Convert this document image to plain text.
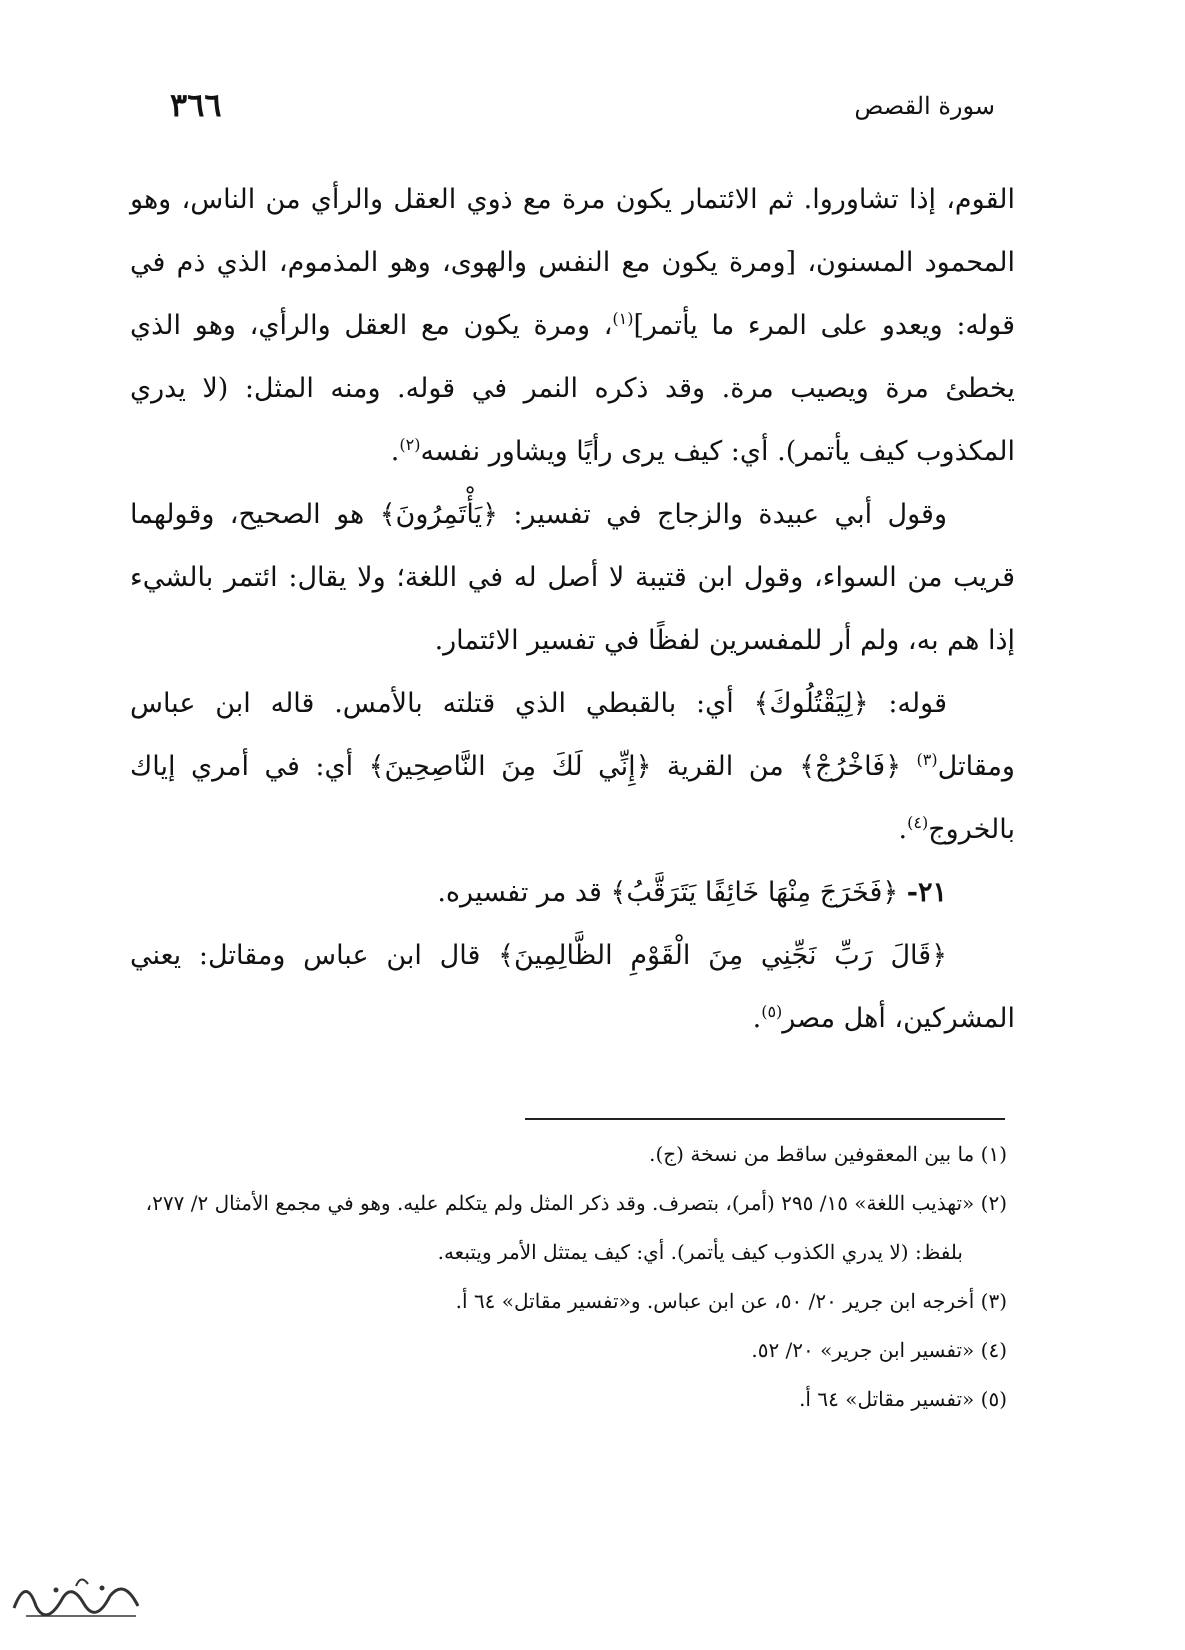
٣٦٦	سورة القصص

القوم، إذا تشاوروا. ثم الائتمار يكون مرة مع ذوي العقل والرأي من الناس، وهو المحمود المسنون، [ومرة يكون مع النفس والهوى، وهو المذموم، الذي ذم في قوله: ويعدو على المرء ما يأتمر]$^{(١)}$، ومرة يكون مع العقل والرأي، وهو الذي يخطئ مرة ويصيب مرة. وقد ذكره النمر في قوله. ومنه المثل: (لا يدري المكذوب كيف يأتمر). أي: كيف يرى رأيًا ويشاور نفسه$^{(٢)}$.

وقول أبي عبيدة والزجاج في تفسير: ﴿يَأْتَمِرُونَ﴾ هو الصحيح، وقولهما قريب من السواء، وقول ابن قتيبة لا أصل له في اللغة؛ ولا يقال: ائتمر بالشيء إذا هم به، ولم أر للمفسرين لفظًا في تفسير الائتمار.

قوله: ﴿لِيَقْتُلُوكَ﴾ أي: بالقبطي الذي قتلته بالأمس. قاله ابن عباس ومقاتل$^{(٣)}$ ﴿فَاخْرُجْ﴾ من القرية ﴿إِنِّي لَكَ مِنَ النَّاصِحِينَ﴾ أي: في أمري إياك بالخروج$^{(٤)}$.

٢١- ﴿فَخَرَجَ مِنْهَا خَائِفًا يَتَرَقَّبُ﴾ قد مر تفسيره.

﴿قَالَ رَبِّ نَجِّنِي مِنَ الْقَوْمِ الظَّالِمِينَ﴾ قال ابن عباس ومقاتل: يعني المشركين، أهل مصر$^{(٥)}$.

(١) ما بين المعقوفين ساقط من نسخة (ج).

(٢) «تهذيب اللغة» ١٥/ ٢٩٥ (أمر)، بتصرف. وقد ذكر المثل ولم يتكلم عليه. وهو في مجمع الأمثال ٢/ ٢٧٧، بلفظ: (لا يدري الكذوب كيف يأتمر). أي: كيف يمتثل الأمر ويتبعه.

(٣) أخرجه ابن جرير ٢٠/ ٥٠، عن ابن عباس. و«تفسير مقاتل» ٦٤ أ.

(٤) «تفسير ابن جرير» ٢٠/ ٥٢.

(٥) «تفسير مقاتل» ٦٤ أ.
